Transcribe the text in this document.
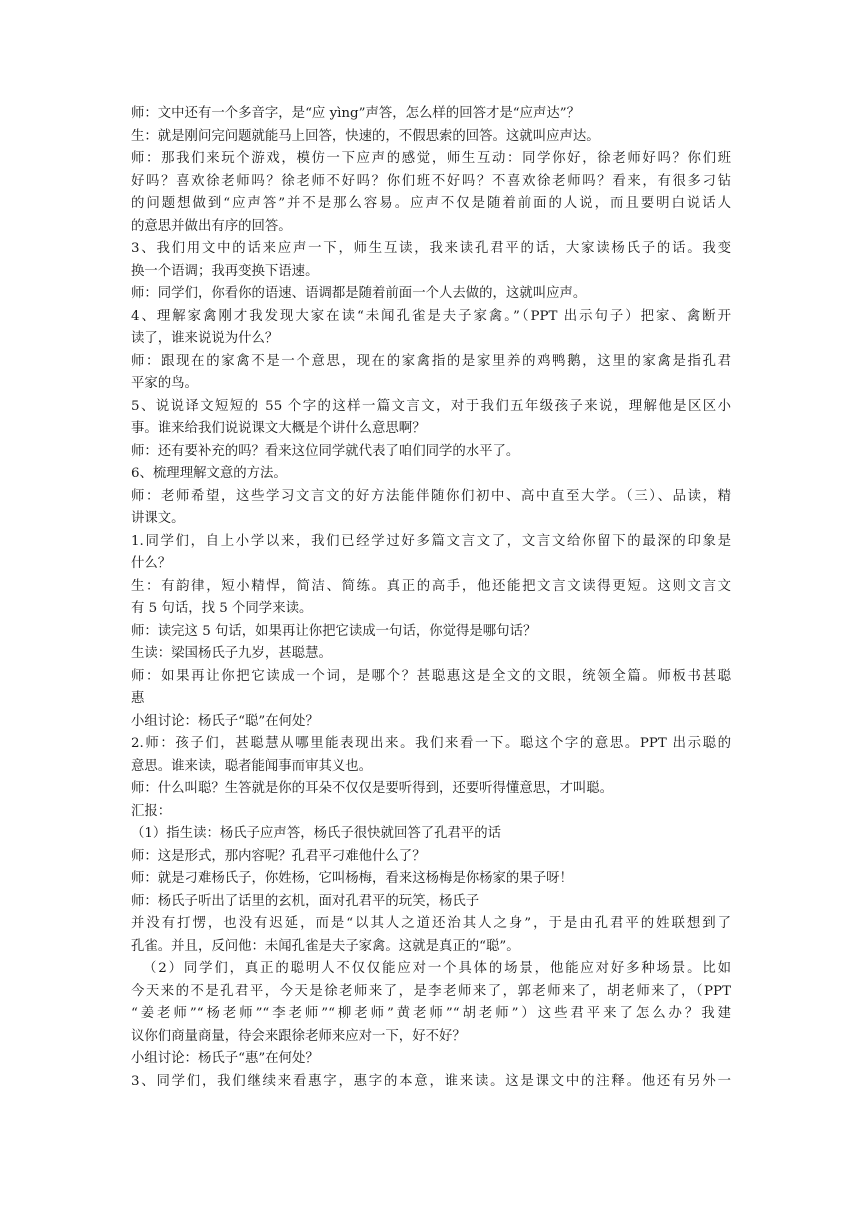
师：文中还有一个多音字，是“应 yìng”声答，怎么样的回答才是“应声达”？
生：就是刚问完问题就能马上回答，快速的，不假思索的回答。这就叫应声达。
师：那我们来玩个游戏，模仿一下应声的感觉，师生互动：同学你好，徐老师好吗？你们班
好吗？喜欢徐老师吗？徐老师不好吗？你们班不好吗？不喜欢徐老师吗？看来，有很多刁钻
的问题想做到“应声答”并不是那么容易。应声不仅是随着前面的人说，而且要明白说话人
的意思并做出有序的回答。
3、我们用文中的话来应声一下，师生互读，我来读孔君平的话，大家读杨氏子的话。我变
换一个语调；我再变换下语速。
师：同学们，你看你的语速、语调都是随着前面一个人去做的，这就叫应声。
4、理解家禽刚才我发现大家在读“未闻孔雀是夫子家禽。”（PPT 出示句子）把家、禽断开
读了，谁来说说为什么？
师：跟现在的家禽不是一个意思，现在的家禽指的是家里养的鸡鸭鹅，这里的家禽是指孔君
平家的鸟。
5、说说译文短短的 55 个字的这样一篇文言文，对于我们五年级孩子来说，理解他是区区小
事。谁来给我们说说课文大概是个讲什么意思啊？
师：还有要补充的吗？看来这位同学就代表了咱们同学的水平了。
6、梳理理解文意的方法。
师：老师希望，这些学习文言文的好方法能伴随你们初中、高中直至大学。（三）、品读，精
讲课文。
1.同学们，自上小学以来，我们已经学过好多篇文言文了，文言文给你留下的最深的印象是
什么？
生：有韵律，短小精悍，简洁、简练。真正的高手，他还能把文言文读得更短。这则文言文
有 5 句话，找 5 个同学来读。
师：读完这 5 句话，如果再让你把它读成一句话，你觉得是哪句话？
生读：梁国杨氏子九岁，甚聪慧。
师：如果再让你把它读成一个词，是哪个？甚聪惠这是全文的文眼，统领全篇。师板书甚聪
惠
小组讨论：杨氏子“聪”在何处？
2.师：孩子们，甚聪慧从哪里能表现出来。我们来看一下。聪这个字的意思。PPT 出示聪的
意思。谁来读，聪者能闻事而审其义也。
师：什么叫聪？生答就是你的耳朵不仅仅是要听得到，还要听得懂意思，才叫聪。
汇报：
（1）指生读：杨氏子应声答，杨氏子很快就回答了孔君平的话
师：这是形式，那内容呢？孔君平刁难他什么了？
师：就是刁难杨氏子，你姓杨，它叫杨梅，看来这杨梅是你杨家的果子呀！
师：杨氏子听出了话里的玄机，面对孔君平的玩笑，杨氏子
并没有打愣，也没有迟延，而是“以其人之道还治其人之身”，于是由孔君平的姓联想到了
孔雀。并且，反问他：未闻孔雀是夫子家禽。这就是真正的“聪”。
（2）同学们，真正的聪明人不仅仅能应对一个具体的场景，他能应对好多种场景。比如
今天来的不是孔君平，今天是徐老师来了，是李老师来了，郭老师来了，胡老师来了，（PPT
“姜老师”“杨老师”“李老师”“柳老师”黄老师”“胡老师”）这些君平来了怎么办？我建
议你们商量商量，待会来跟徐老师来应对一下，好不好？
小组讨论：杨氏子“惠”在何处？
3、同学们，我们继续来看惠字，惠字的本意，谁来读。这是课文中的注释。他还有另外一
